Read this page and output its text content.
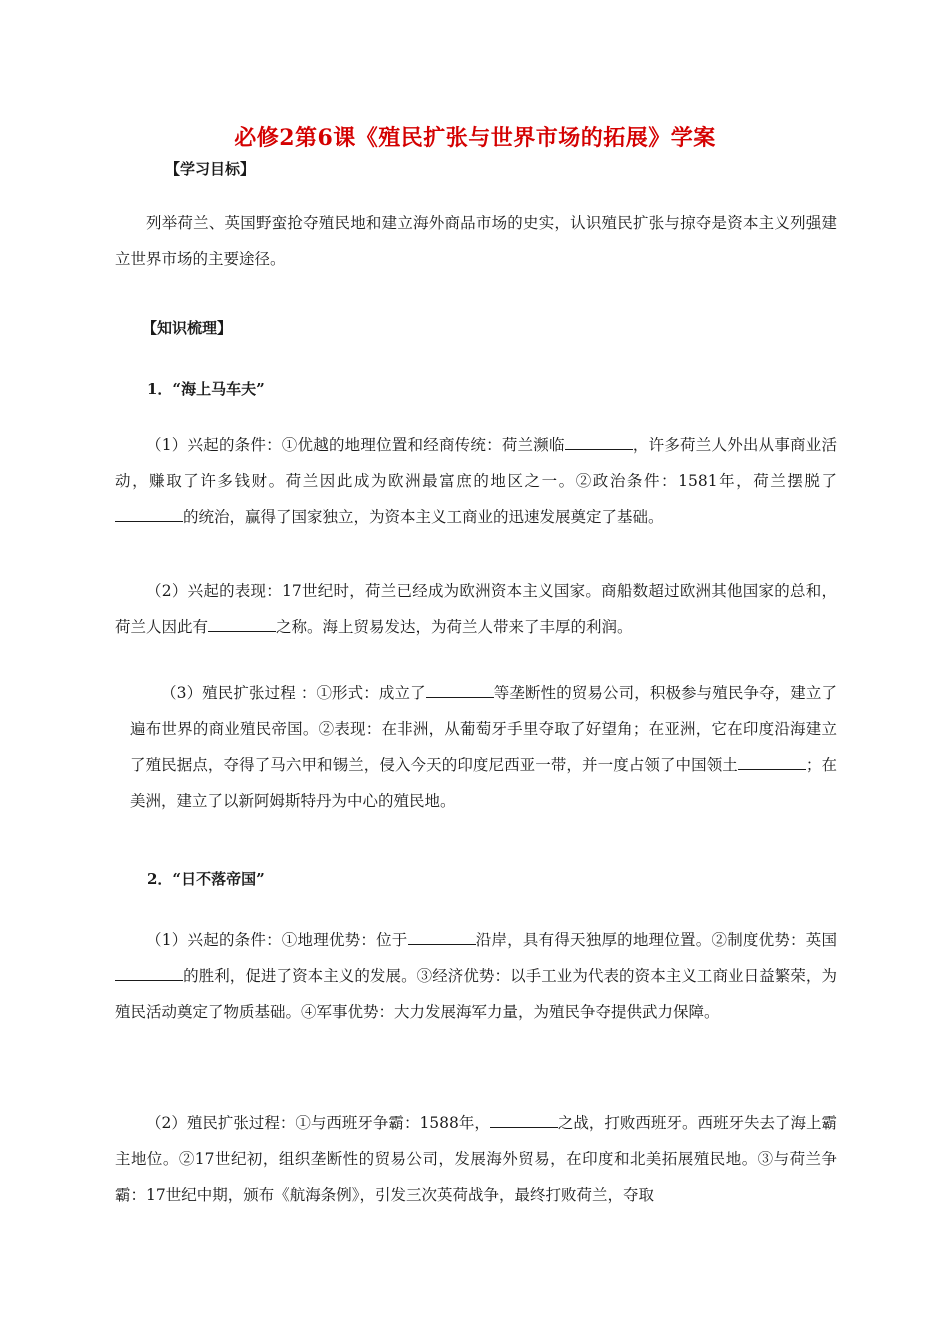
必修2第6课《殖民扩张与世界市场的拓展》学案
【学习目标】
列举荷兰、英国野蛮抢夺殖民地和建立海外商品市场的史实，认识殖民扩张与掠夺是资本主义列强建立世界市场的主要途径。
【知识梳理】
1．“海上马车夫”
（1）兴起的条件：①优越的地理位置和经商传统：荷兰濒临	，许多荷兰人外出从事商业活动，赚取了许多钱财。荷兰因此成为欧洲最富庶的地区之一。②政治条件：1581年，荷兰摆脱了的统治，赢得了国家独立，为资本主义工商业的迅速发展奠定了基础。
（2）兴起的表现：17世纪时，荷兰已经成为欧洲资本主义国家。商船数超过欧洲其他国家的总和，荷兰人因此有	之称。海上贸易发达，为荷兰人带来了丰厚的利润。
（3）殖民扩张过程 ：①形式：成立了	等垄断性的贸易公司，积极参与殖民争夺，建立了遍布世界的商业殖民帝国。②表现：在非洲，从葡萄牙手里夺取了好望角；在亚洲，它在印度沿海建立了殖民据点，夺得了马六甲和锡兰，侵入今天的印度尼西亚一带，并一度占领了中国领土	；在美洲，建立了以新阿姆斯特丹为中心的殖民地。
2．“日不落帝国”
（1）兴起的条件：①地理优势：位于	沿岸，具有得天独厚的地理位置。②制度优势：英国的胜利，促进了资本主义的发展。③经济优势：以手工业为代表的资本主义工商业日益繁荣，为殖民活动奠定了物质基础。④军事优势：大力发展海军力量，为殖民争夺提供武力保障。
（2）殖民扩张过程：①与西班牙争霸：1588年，	之战，打败西班牙。西班牙失去了海上霸主地位。②17世纪初，组织垄断性的贸易公司，发展海外贸易，在印度和北美拓展殖民地。③与荷兰争霸：17世纪中期，颁布《航海条例》，引发三次英荷战争，最终打败荷兰，夺取
